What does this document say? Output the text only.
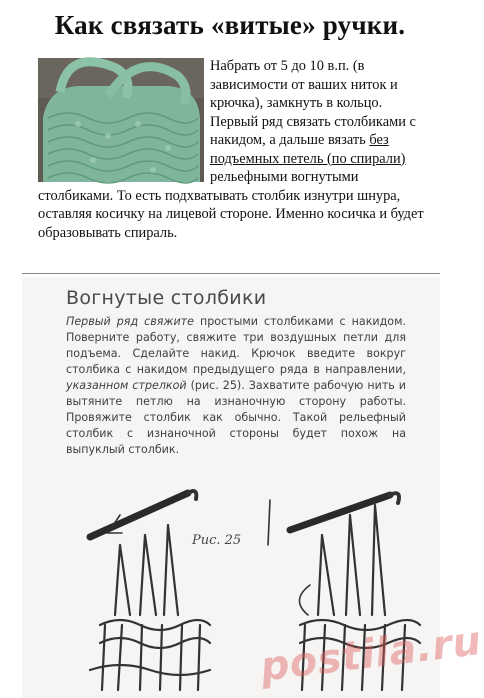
Как связать «витые» ручки.
Набрать от 5 до 10 в.п. (в зависимости от ваших ниток и крючка), замкнуть в кольцо. Первый ряд связать столбиками с накидом, а дальше вязать без подъемных петель (по спирали) рельефными вогнутыми столбиками. То есть подхватывать столбик изнутри шнура, оставляя косичку на лицевой стороне. Именно косичка и будет образовывать спираль.
Вогнутые столбики
Первый ряд свяжите простыми столбиками с накидом. Поверните работу, свяжите три воздушных петли для подъема. Сделайте накид. Крючок введите вокруг столбика с накидом предыдущего ряда в направлении, указанном стрелкой (рис. 25). Захватите рабочую нить и вытяните петлю на изнаночную сторону работы. Провяжите столбик как обычно. Такой рельефный столбик с изнаночной стороны будет похож на выпуклый столбик.
Рис. 25
postila.ru
